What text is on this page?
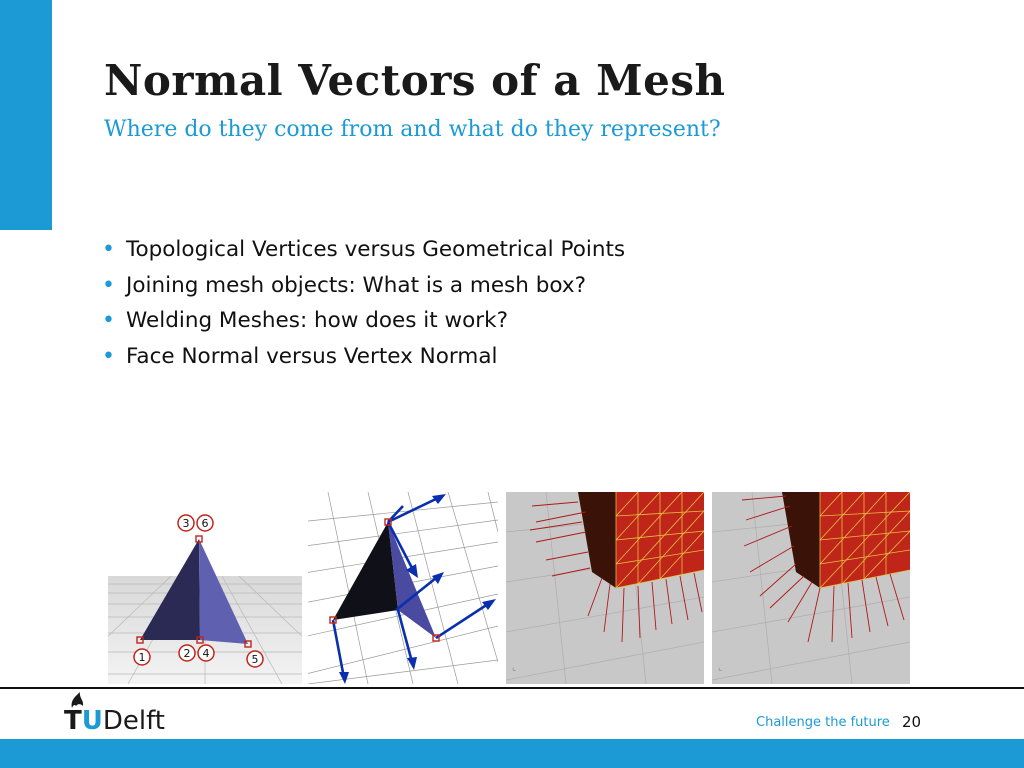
Normal Vectors of a Mesh

Where do they come from and what do they represent?

• Topological Vertices versus Geometrical Points
• Joining mesh objects: What is a mesh box?
• Welding Meshes: how does it work?
• Face Normal versus Vertex Normal
3 6
1	2 4	5
⌞	⌞
TUDelft	Challenge the future 20
